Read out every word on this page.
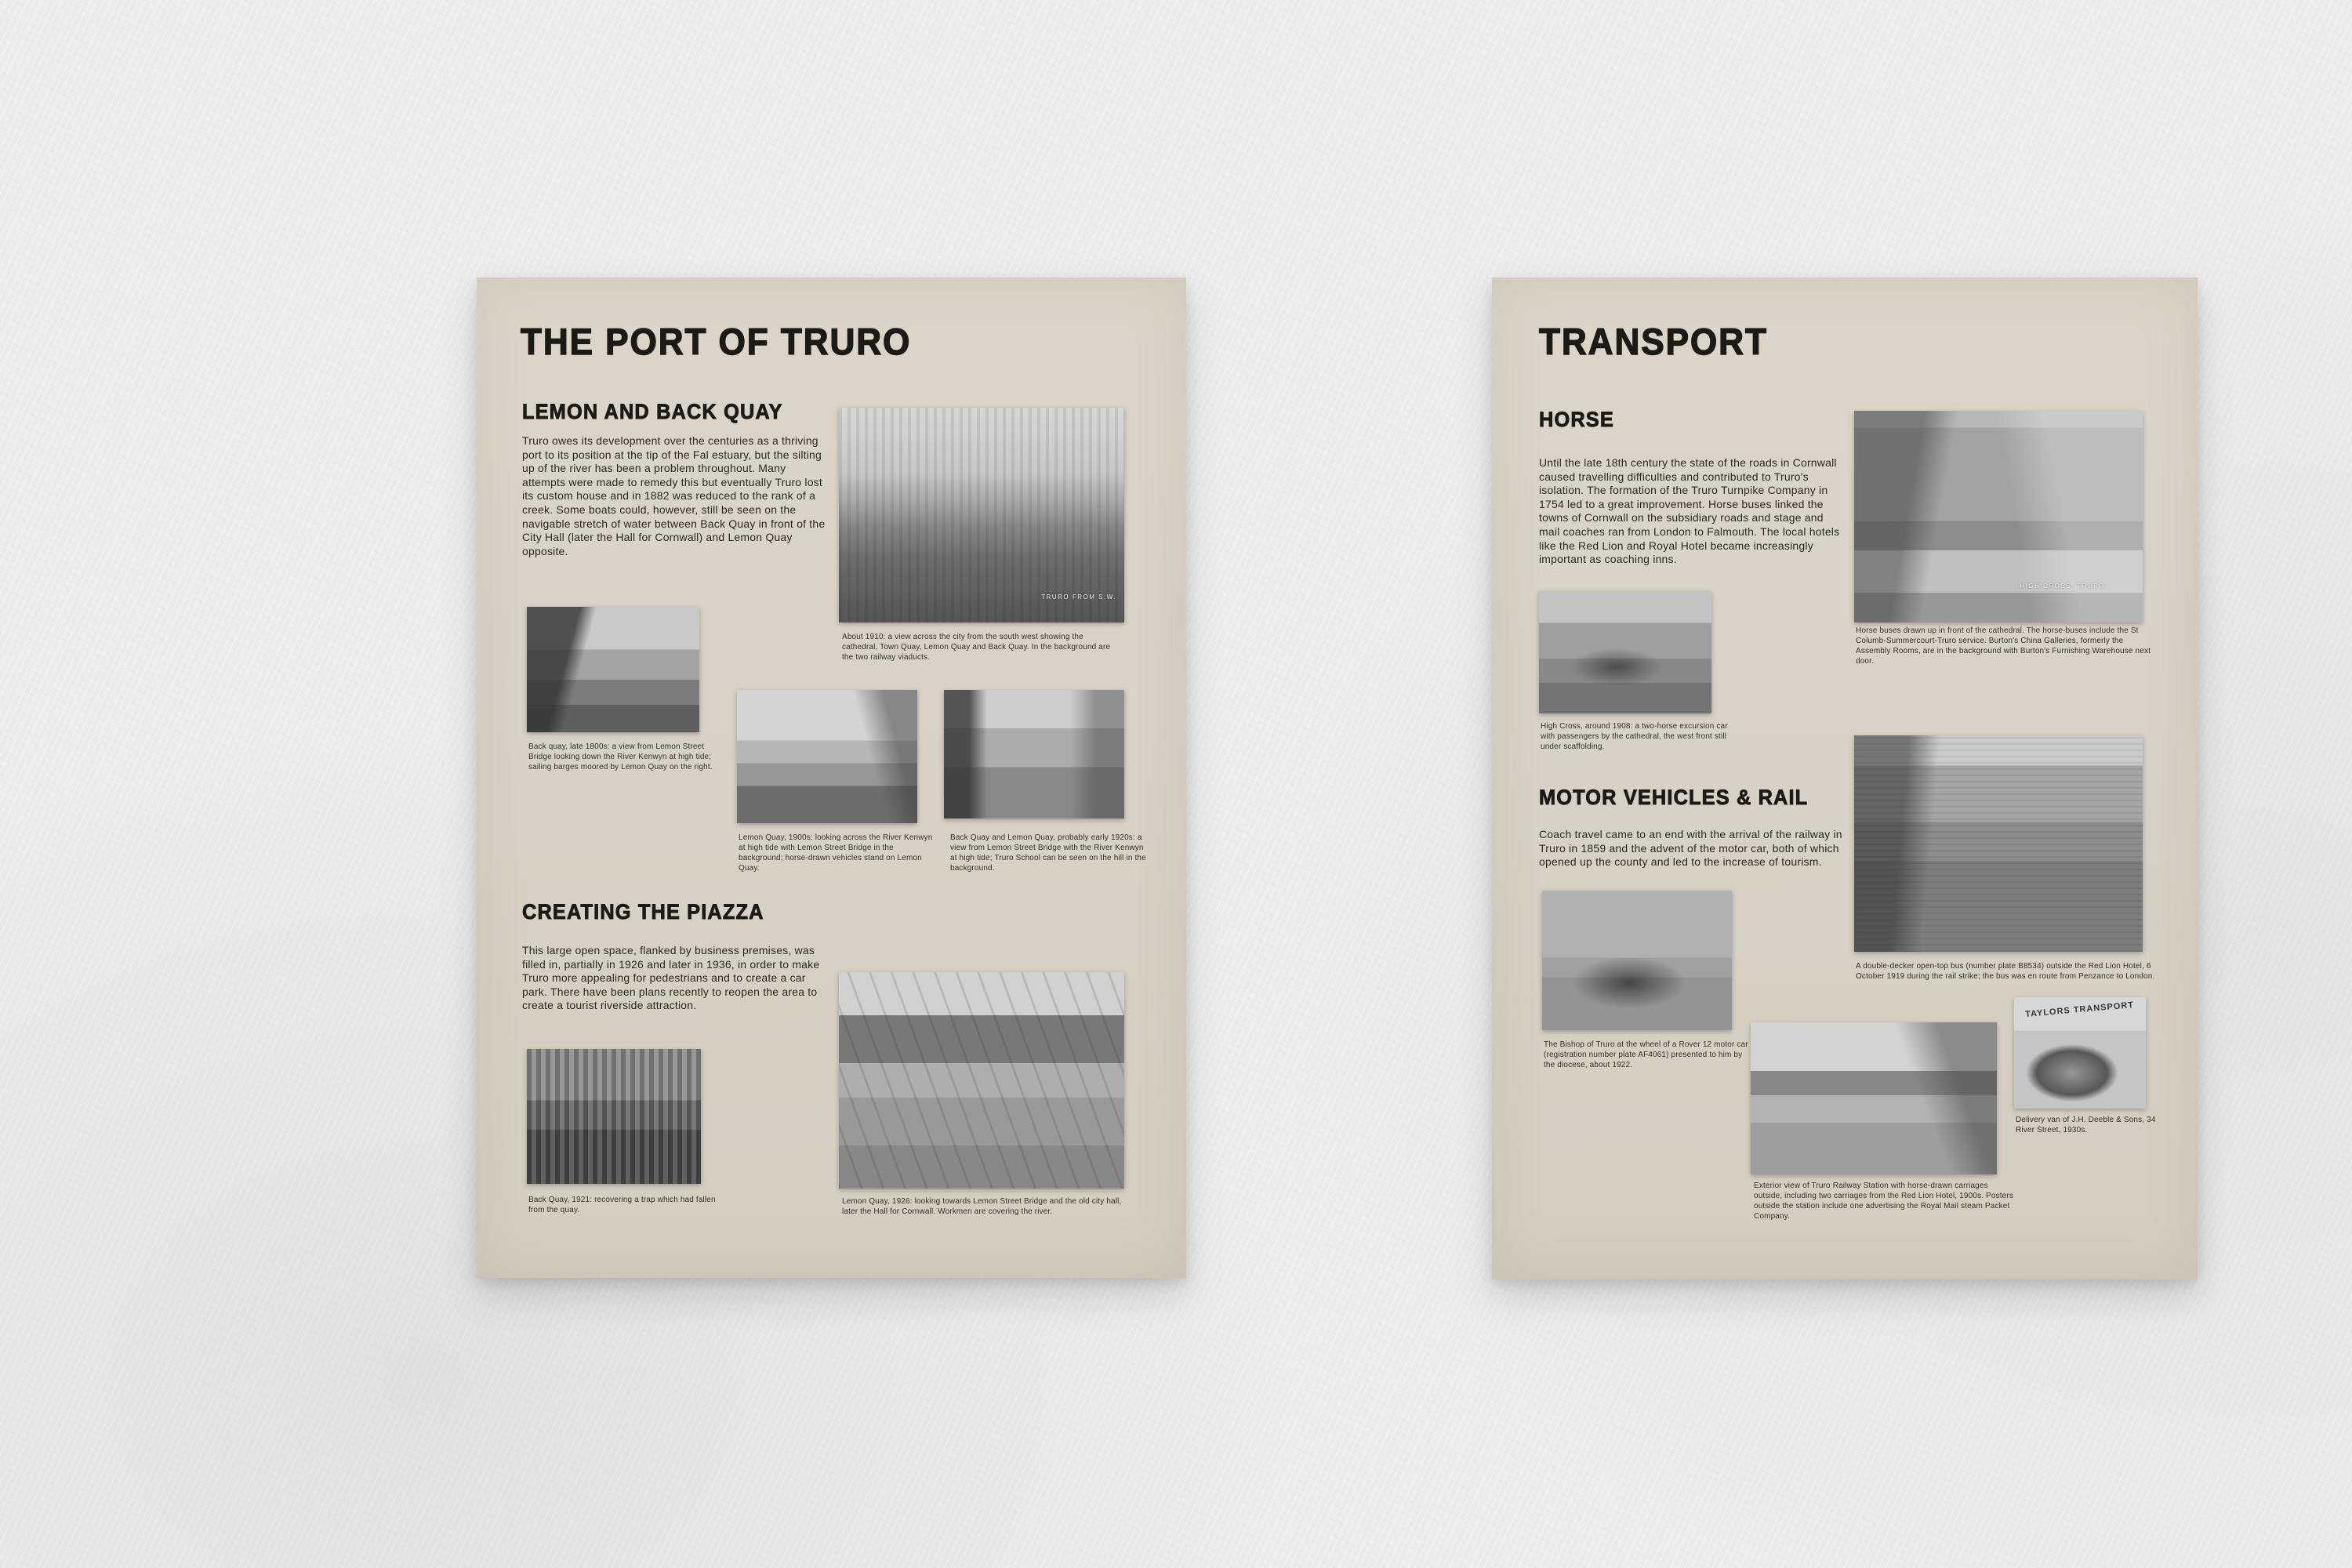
THE PORT OF TRURO
LEMON AND BACK QUAY

Truro owes its development over the centuries as a thriving port to its position at the tip of the Fal estuary, but the silting up of the river has been a problem throughout. Many attempts were made to remedy this but eventually Truro lost its custom house and in 1882 was reduced to the rank of a creek. Some boats could, however, still be seen on the navigable stretch of water between Back Quay in front of the City Hall (later the Hall for Cornwall) and Lemon Quay opposite.

TRURO FROM S.W.

About 1910: a view across the city from the south west showing the cathedral, Town Quay, Lemon Quay and Back Quay. In the background are the two railway viaducts.

Back quay, late 1800s: a view from Lemon Street Bridge looking down the River Kenwyn at high tide; sailing barges moored by Lemon Quay on the right.

Lemon Quay, 1900s: looking across the River Kenwyn at high tide with Lemon Street Bridge in the background; horse-drawn vehicles stand on Lemon Quay.

Back Quay and Lemon Quay, probably early 1920s: a view from Lemon Street Bridge with the River Kenwyn at high tide; Truro School can be seen on the hill in the background.

CREATING THE PIAZZA

This large open space, flanked by business premises, was filled in, partially in 1926 and later in 1936, in order to make Truro more appealing for pedestrians and to create a car park. There have been plans recently to reopen the area to create a tourist riverside attraction.

Back Quay, 1921: recovering a trap which had fallen from the quay.

Lemon Quay, 1926: looking towards Lemon Street Bridge and the old city hall, later the Hall for Cornwall. Workmen are covering the river.

TRANSPORT
HORSE

Until the late 18th century the state of the roads in Cornwall caused travelling difficulties and contributed to Truro's isolation. The formation of the Truro Turnpike Company in 1754 led to a great improvement. Horse buses linked the towns of Cornwall on the subsidiary roads and stage and mail coaches ran from London to Falmouth. The local hotels like the Red Lion and Royal Hotel became increasingly important as coaching inns.

HIGH CROSS. TRURO.

Horse buses drawn up in front of the cathedral. The horse-buses include the St Columb-Summercourt-Truro service. Burton's China Galleries, formerly the Assembly Rooms, are in the background with Burton's Furnishing Warehouse next door.

High Cross, around 1908: a two-horse excursion car with passengers by the cathedral, the west front still under scaffolding.

MOTOR VEHICLES & RAIL

Coach travel came to an end with the arrival of the railway in Truro in 1859 and the advent of the motor car, both of which opened up the county and led to the increase of tourism.

The Bishop of Truro at the wheel of a Rover 12 motor car (registration number plate AF4061) presented to him by the diocese, about 1922.

A double-decker open-top bus (number plate B8534) outside the Red Lion Hotel, 6 October 1919 during the rail strike; the bus was en route from Penzance to London.

TAYLORS TRANSPORT

Delivery van of J.H. Deeble & Sons, 34 River Street, 1930s.

Exterior view of Truro Railway Station with horse-drawn carriages outside, including two carriages from the Red Lion Hotel, 1900s. Posters outside the station include one advertising the Royal Mail steam Packet Company.
